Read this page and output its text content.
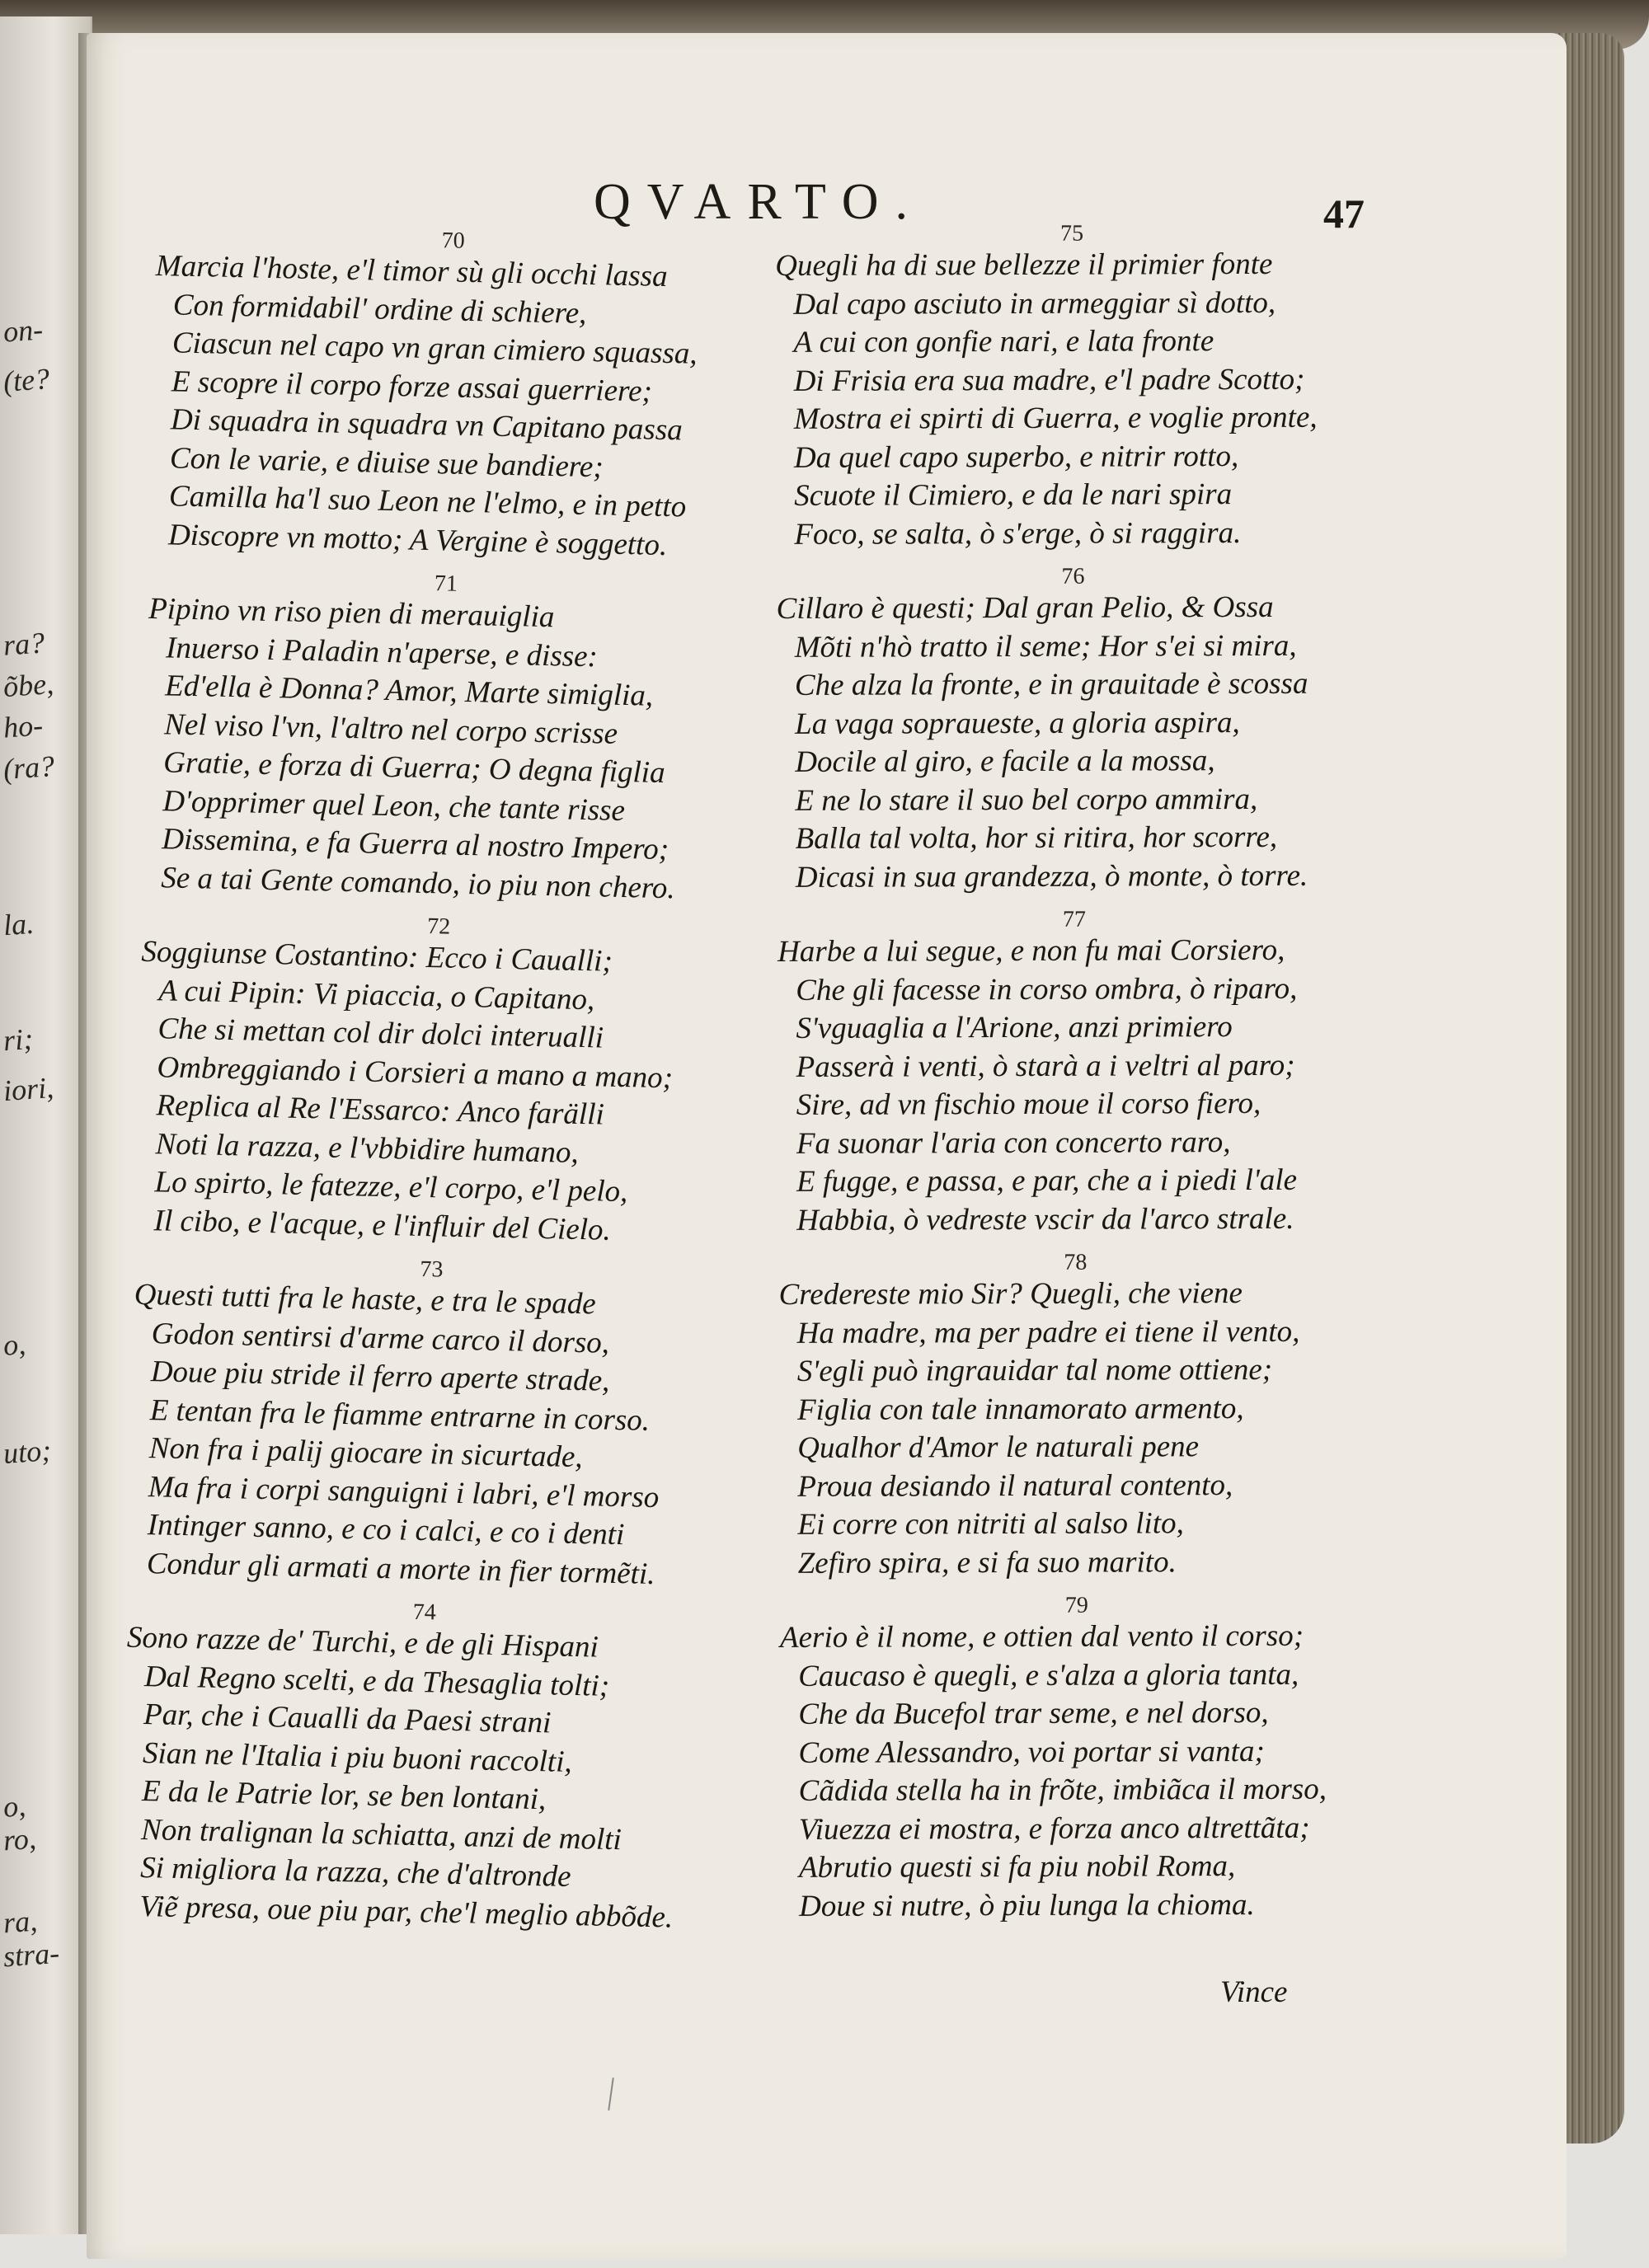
on-
(te?
ra?
õbe,
ho-
(ra?
la.
ri;
iori,
o,
uto;
o,
ro,
ra,
stra-
QVARTO.	47
70
Marcia l'hoste, e'l timor sù gli occhi lassa
Con formidabil' ordine di schiere,
Ciascun nel capo vn gran cimiero squassa,
E scopre il corpo forze assai guerriere;
Di squadra in squadra vn Capitano passa
Con le varie, e diuise sue bandiere;
Camilla ha'l suo Leon ne l'elmo, e in petto
Discopre vn motto; A Vergine è soggetto.
71
Pipino vn riso pien di merauiglia
Inuerso i Paladin n'aperse, e disse:
Ed'ella è Donna? Amor, Marte simiglia,
Nel viso l'vn, l'altro nel corpo scrisse
Gratie, e forza di Guerra; O degna figlia
D'opprimer quel Leon, che tante risse
Dissemina, e fa Guerra al nostro Impero;
Se a tai Gente comando, io piu non chero.
72
Soggiunse Costantino: Ecco i Caualli;
A cui Pipin: Vi piaccia, o Capitano,
Che si mettan col dir dolci interualli
Ombreggiando i Corsieri a mano a mano;
Replica al Re l'Essarco: Anco farälli
Noti la razza, e l'vbbidire humano,
Lo spirto, le fatezze, e'l corpo, e'l pelo,
Il cibo, e l'acque, e l'influir del Cielo.
73
Questi tutti fra le haste, e tra le spade
Godon sentirsi d'arme carco il dorso,
Doue piu stride il ferro aperte strade,
E tentan fra le fiamme entrarne in corso.
Non fra i palij giocare in sicurtade,
Ma fra i corpi sanguigni i labri, e'l morso
Intinger sanno, e co i calci, e co i denti
Condur gli armati a morte in fier tormẽti.
74
Sono razze de' Turchi, e de gli Hispani
Dal Regno scelti, e da Thesaglia tolti;
Par, che i Caualli da Paesi strani
Sian ne l'Italia i piu buoni raccolti,
E da le Patrie lor, se ben lontani,
Non tralignan la schiatta, anzi de molti
Si migliora la razza, che d'altronde
Viẽ presa, oue piu par, che'l meglio abbõde.
75
Quegli ha di sue bellezze il primier fonte
Dal capo asciuto in armeggiar sì dotto,
A cui con gonfie nari, e lata fronte
Di Frisia era sua madre, e'l padre Scotto;
Mostra ei spirti di Guerra, e voglie pronte,
Da quel capo superbo, e nitrir rotto,
Scuote il Cimiero, e da le nari spira
Foco, se salta, ò s'erge, ò si raggira.
76
Cillaro è questi; Dal gran Pelio, & Ossa
Mõti n'hò tratto il seme; Hor s'ei si mira,
Che alza la fronte, e in grauitade è scossa
La vaga sopraueste, a gloria aspira,
Docile al giro, e facile a la mossa,
E ne lo stare il suo bel corpo ammira,
Balla tal volta, hor si ritira, hor scorre,
Dicasi in sua grandezza, ò monte, ò torre.
77
Harbe a lui segue, e non fu mai Corsiero,
Che gli facesse in corso ombra, ò riparo,
S'vguaglia a l'Arione, anzi primiero
Passerà i venti, ò starà a i veltri al paro;
Sire, ad vn fischio moue il corso fiero,
Fa suonar l'aria con concerto raro,
E fugge, e passa, e par, che a i piedi l'ale
Habbia, ò vedreste vscir da l'arco strale.
78
Credereste mio Sir? Quegli, che viene
Ha madre, ma per padre ei tiene il vento,
S'egli può ingrauidar tal nome ottiene;
Figlia con tale innamorato armento,
Qualhor d'Amor le naturali pene
Proua desiando il natural contento,
Ei corre con nitriti al salso lito,
Zefiro spira, e si fa suo marito.
79
Aerio è il nome, e ottien dal vento il corso;
Caucaso è quegli, e s'alza a gloria tanta,
Che da Bucefol trar seme, e nel dorso,
Come Alessandro, voi portar si vanta;
Cãdida stella ha in frõte, imbiãca il morso,
Viuezza ei mostra, e forza anco altrettãta;
Abrutio questi si fa piu nobil Roma,
Doue si nutre, ò piu lunga la chioma.
Vince
